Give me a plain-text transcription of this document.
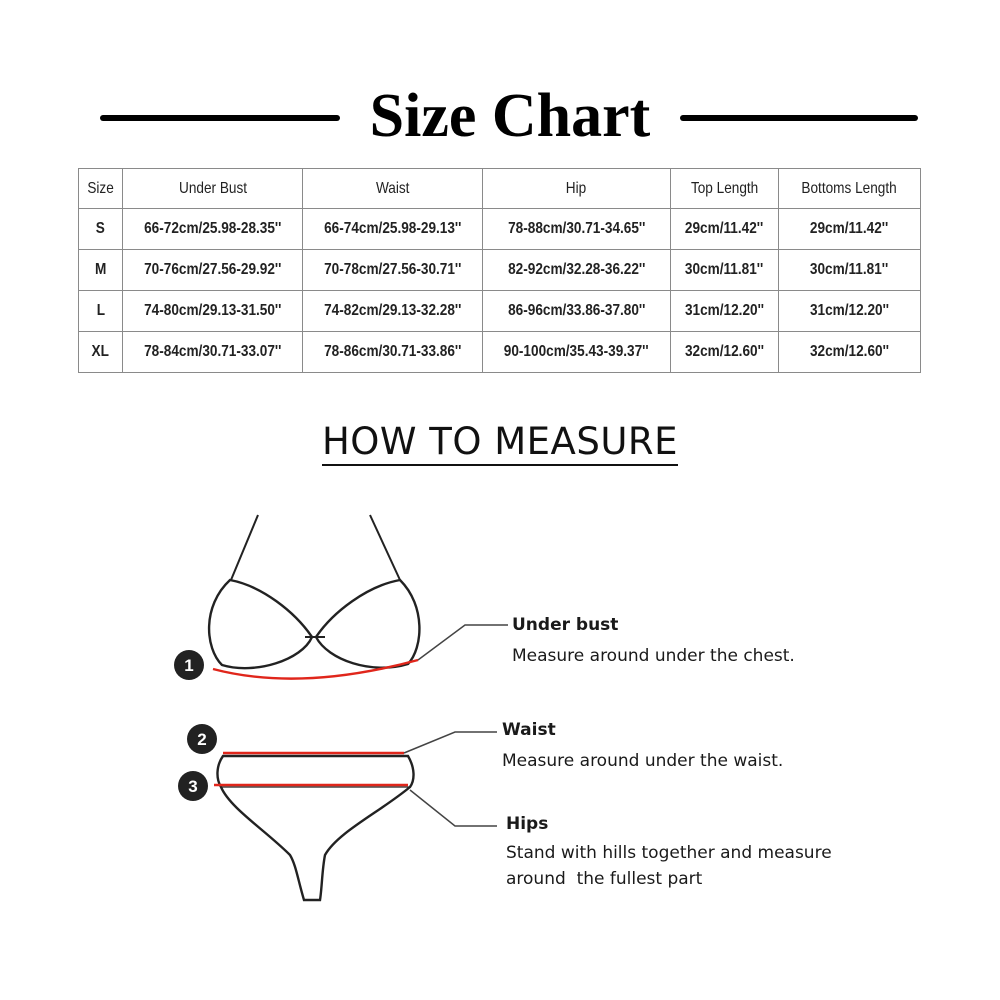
Size Chart
Size	Under Bust	Waist	Hip	Top Length	Bottoms Length
S	66-72cm/25.98-28.35''	66-74cm/25.98-29.13''	78-88cm/30.71-34.65''	29cm/11.42''	29cm/11.42''
M	70-76cm/27.56-29.92''	70-78cm/27.56-30.71''	82-92cm/32.28-36.22''	30cm/11.81''	30cm/11.81''
L	74-80cm/29.13-31.50''	74-82cm/29.13-32.28''	86-96cm/33.86-37.80''	31cm/12.20''	31cm/12.20''
XL	78-84cm/30.71-33.07''	78-86cm/30.71-33.86''	90-100cm/35.43-39.37''	32cm/12.60''	32cm/12.60''
HOW TO MEASURE
1
2
3
Under bust
Measure around under the chest.
Waist
Measure around under the waist.
Hips
Stand with hills together and measure
around  the fullest part
